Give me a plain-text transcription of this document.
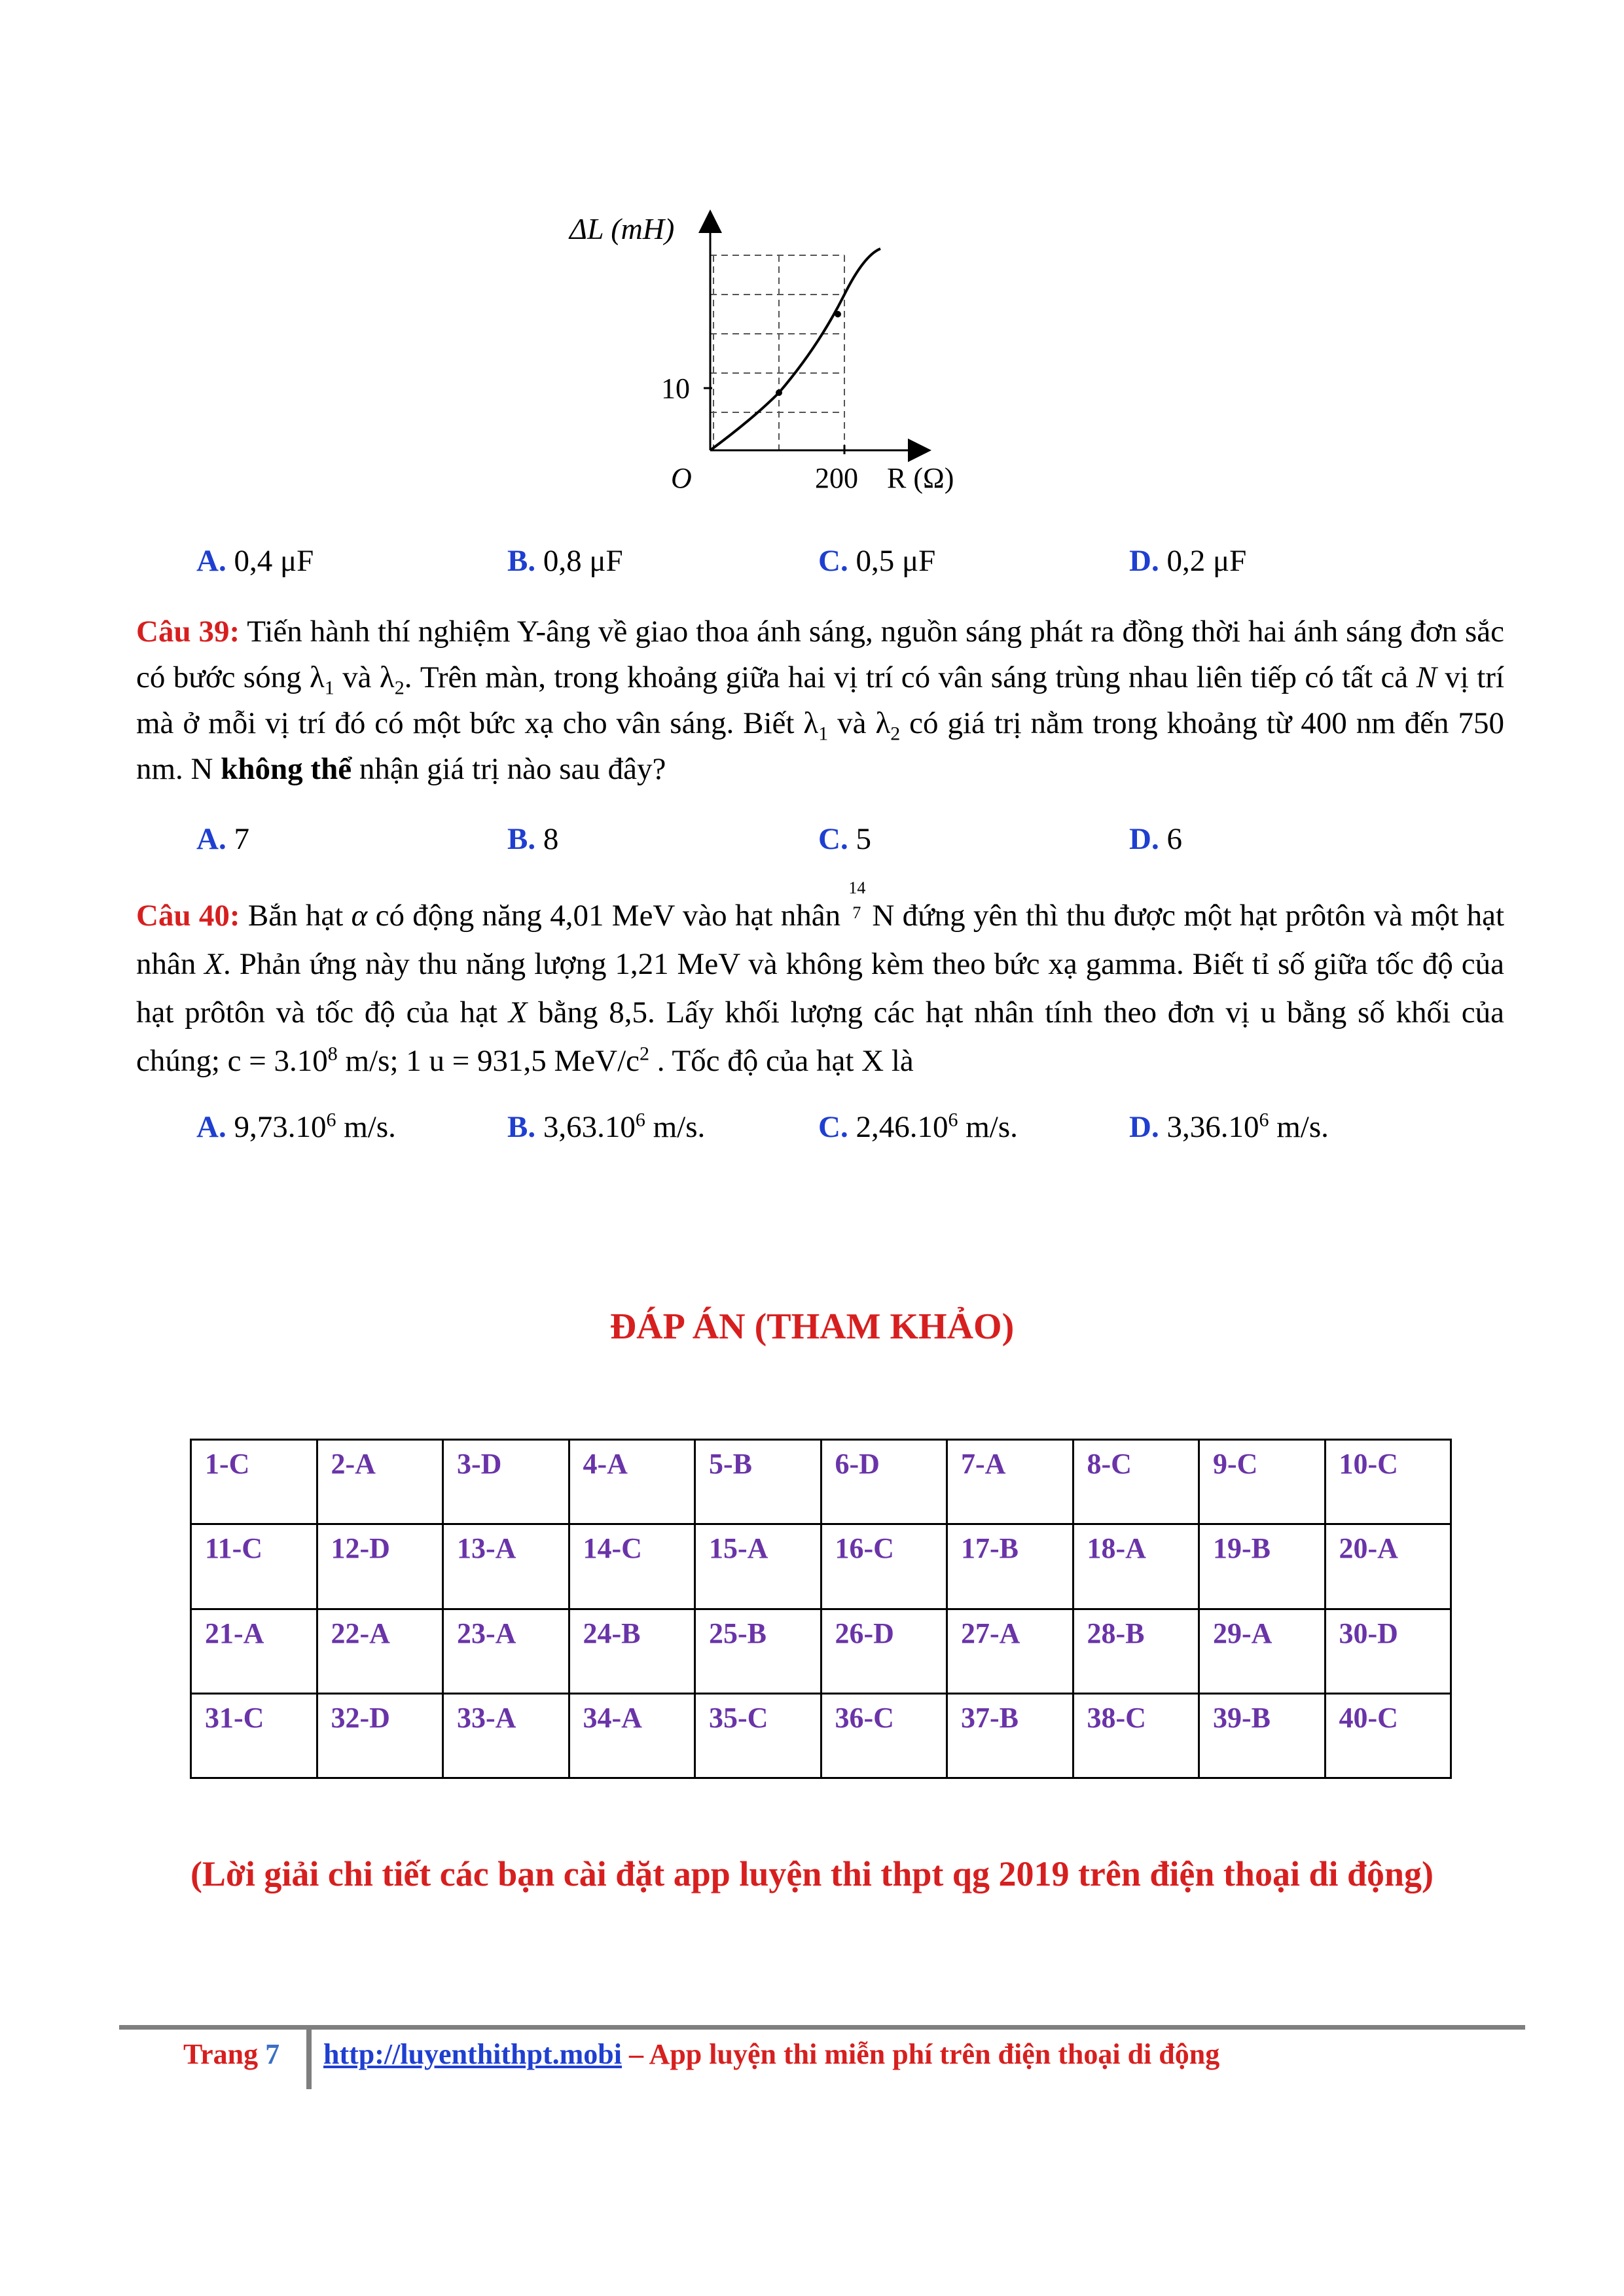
ΔL (mH)
10
O	200 R (Ω)
A. 0,4 μF	B. 0,8 μF	C. 0,5 μF	D. 0,2 μF

Câu 39: Tiến hành thí nghiệm Y-âng về giao thoa ánh sáng, nguồn sáng phát ra đồng thời hai ánh sáng đơn sắc có bước sóng $\lambda_1$ và $\lambda_2$. Trên màn, trong khoảng giữa hai vị trí có vân sáng trùng nhau liên tiếp có tất cả N vị trí mà ở mỗi vị trí đó có một bức xạ cho vân sáng. Biết $\lambda_1$ và $\lambda_2$ có giá trị nằm trong khoảng từ 400 nm đến 750 nm. N không thể nhận giá trị nào sau đây?

A. 7	B. 8	C. 5	D. 6

Câu 40: Bắn hạt α có động năng 4,01 MeV vào hạt nhân
14
7 N đứng yên thì thu được một hạt prôtôn và một hạt nhân X. Phản ứng này thu năng lượng 1,21 MeV và không kèm theo bức xạ gamma. Biết tỉ số giữa tốc độ của hạt prôtôn và tốc độ của hạt X bằng 8,5. Lấy khối lượng các hạt nhân tính theo đơn vị u bằng số khối của chúng; $c = 3.10^8$ m/s; 1 u = 931,5 MeV/$c^2$ . Tốc độ của hạt X là

A. 9,73.10$^6$ m/s.	B. 3,63.10$^6$ m/s.	C. 2,46.10$^6$ m/s.	D. 3,36.10$^6$ m/s.
ĐÁP ÁN (THAM KHẢO)
1-C	2-A	3-D	4-A	5-B	6-D	7-A	8-C	9-C	10-C
11-C	12-D	13-A	14-C	15-A	16-C	17-B	18-A	19-B	20-A
21-A	22-A	23-A	24-B	25-B	26-D	27-A	28-B	29-A	30-D
31-C	32-D	33-A	34-A	35-C	36-C	37-B	38-C	39-B	40-C
(Lời giải chi tiết các bạn cài đặt app luyện thi thpt qg 2019 trên điện thoại di động)
Trang 7 http://luyenthithpt.mobi – App luyện thi miễn phí trên điện thoại di động
